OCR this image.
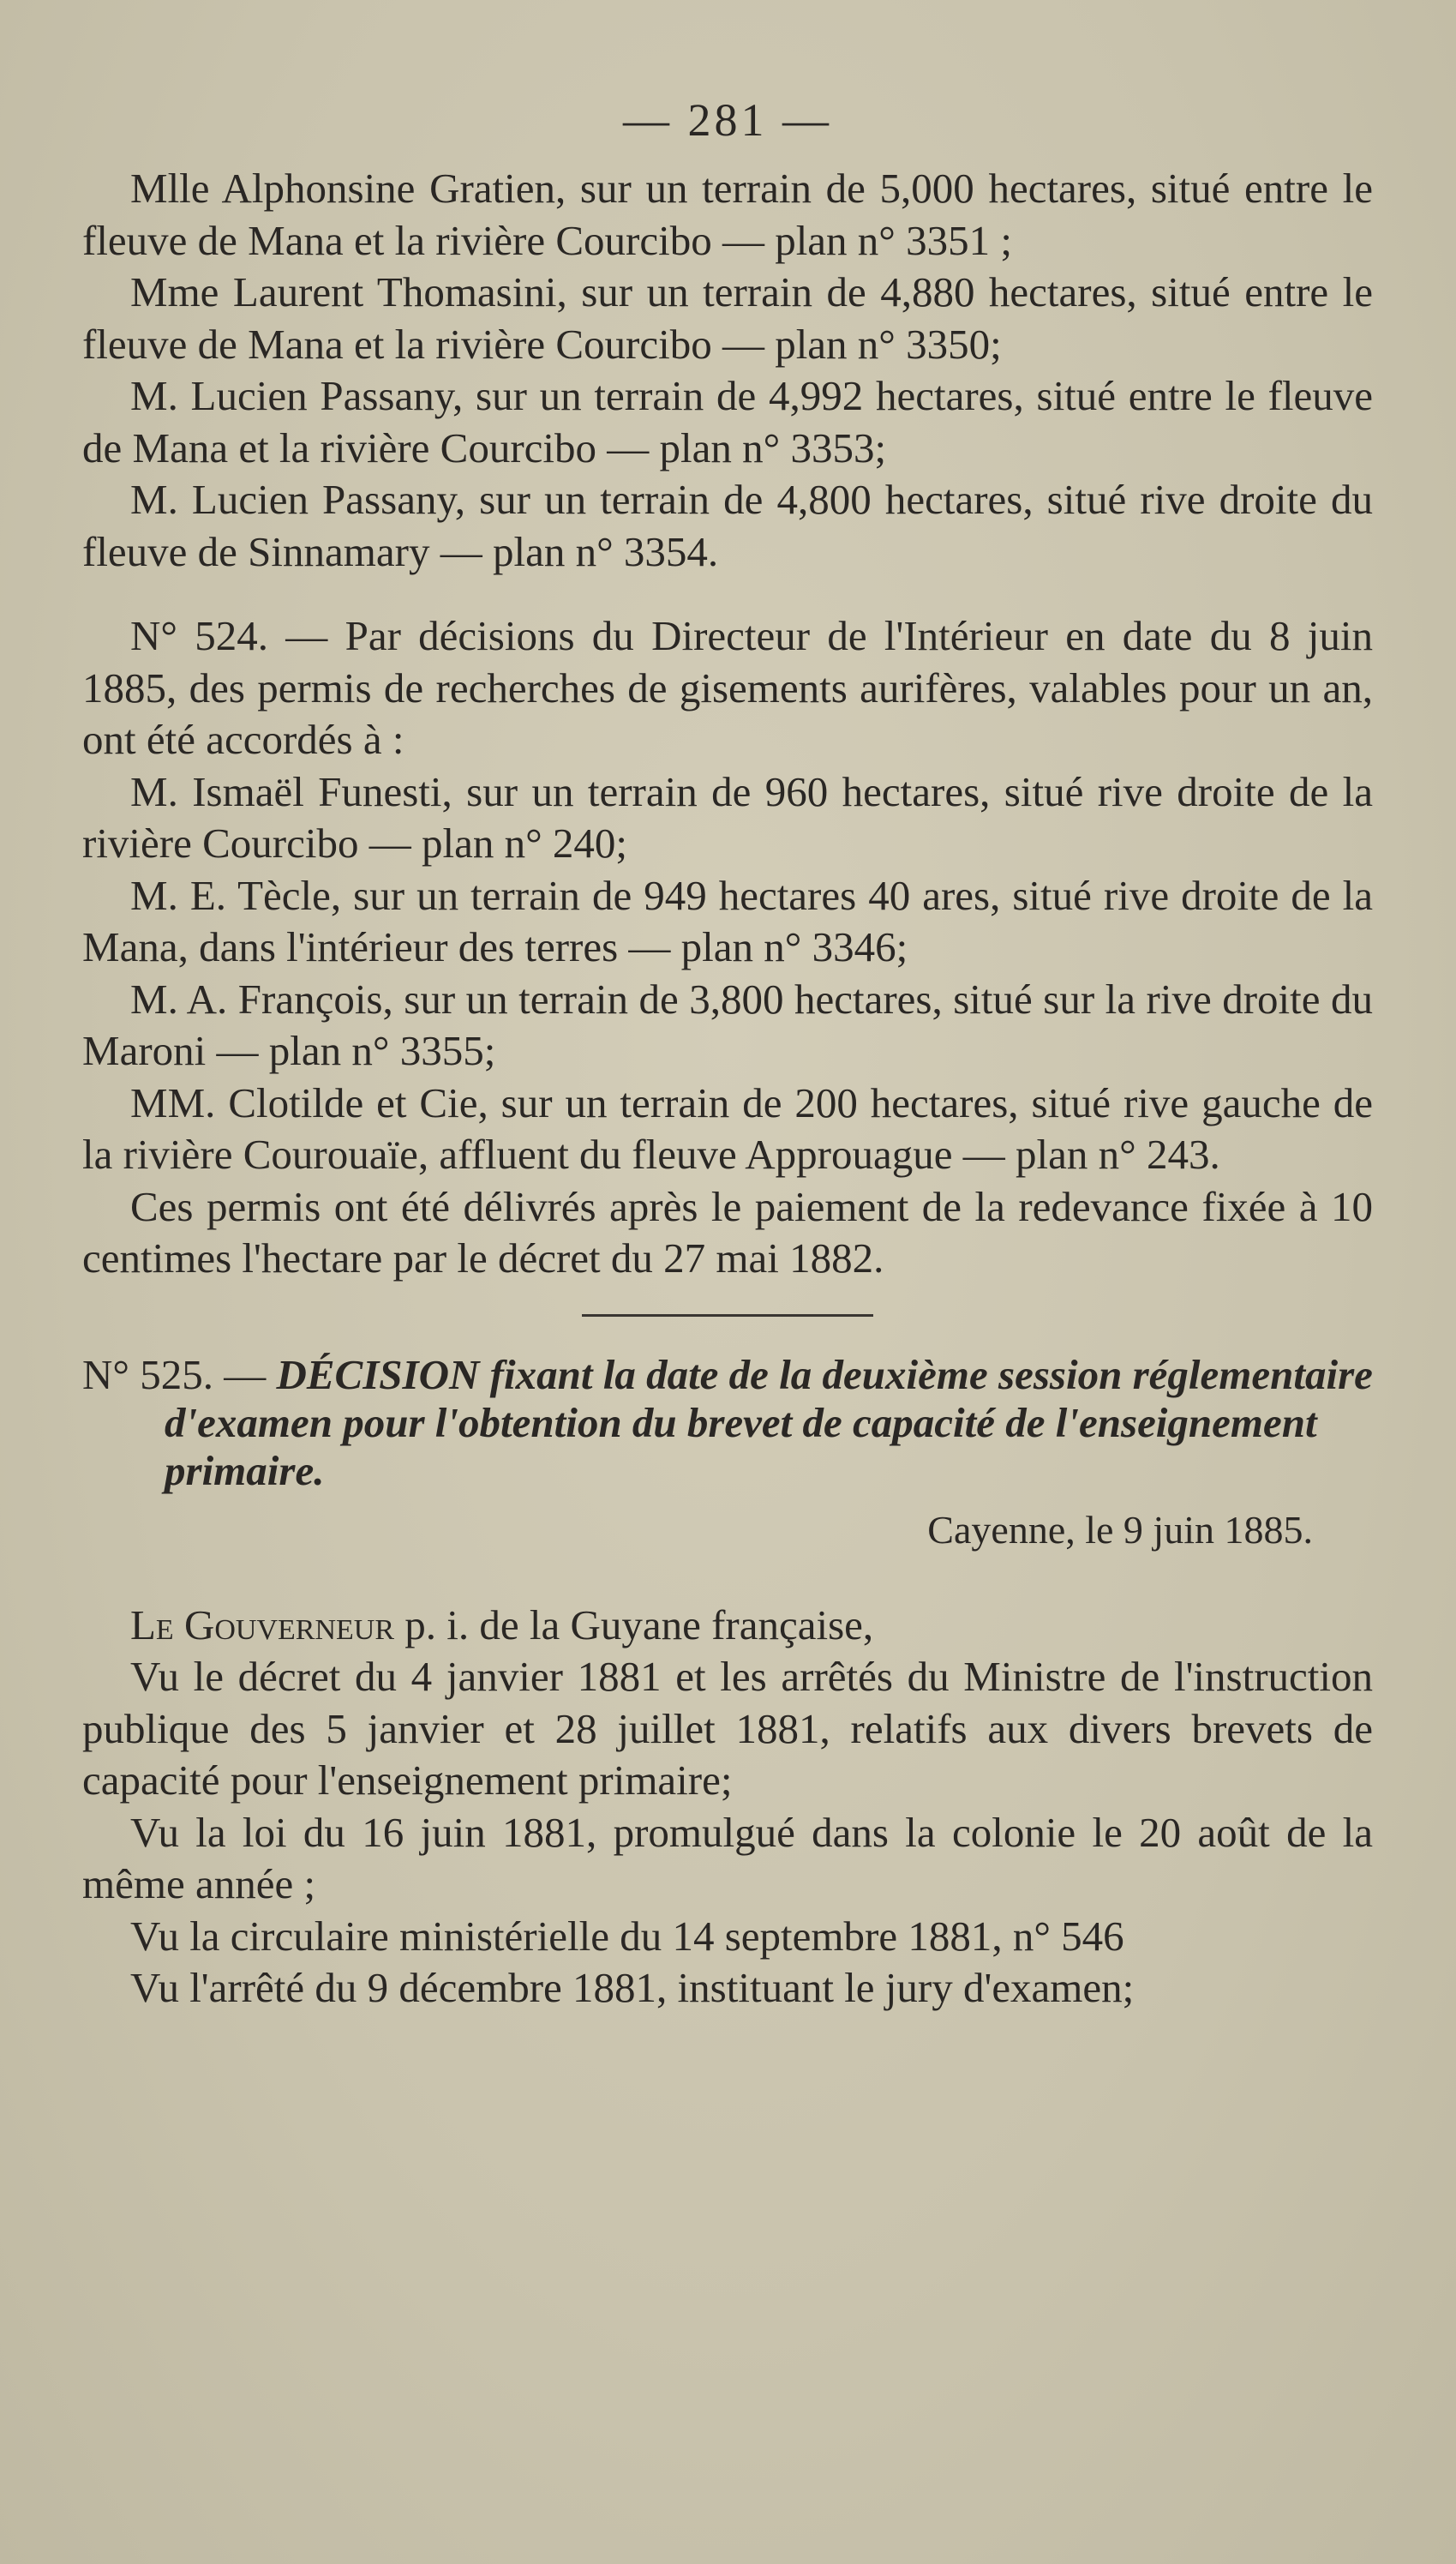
— 281 —

Mlle Alphonsine Gratien, sur un terrain de 5,000 hectares, situé entre le fleuve de Mana et la rivière Courcibo — plan n° 3351 ;

Mme Laurent Thomasini, sur un terrain de 4,880 hectares, situé entre le fleuve de Mana et la rivière Courcibo — plan n° 3350;

M. Lucien Passany, sur un terrain de 4,992 hectares, situé entre le fleuve de Mana et la rivière Courcibo — plan n° 3353;

M. Lucien Passany, sur un terrain de 4,800 hectares, situé rive droite du fleuve de Sinnamary — plan n° 3354.

N° 524. — Par décisions du Directeur de l'Intérieur en date du 8 juin 1885, des permis de recherches de gisements aurifères, valables pour un an, ont été accordés à :

M. Ismaël Funesti, sur un terrain de 960 hectares, situé rive droite de la rivière Courcibo — plan n° 240;

M. E. Tècle, sur un terrain de 949 hectares 40 ares, situé rive droite de la Mana, dans l'intérieur des terres — plan n° 3346;

M. A. François, sur un terrain de 3,800 hectares, situé sur la rive droite du Maroni — plan n° 3355;

MM. Clotilde et Cie, sur un terrain de 200 hectares, situé rive gauche de la rivière Courouaïe, affluent du fleuve Approuague — plan n° 243.

Ces permis ont été délivrés après le paiement de la redevance fixée à 10 centimes l'hectare par le décret du 27 mai 1882.

N° 525. — DÉCISION fixant la date de la deuxième session réglementaire d'examen pour l'obtention du brevet de capacité de l'enseignement primaire.
Cayenne, le 9 juin 1885.

Le Gouverneur p. i. de la Guyane française,

Vu le décret du 4 janvier 1881 et les arrêtés du Ministre de l'instruction publique des 5 janvier et 28 juillet 1881, relatifs aux divers brevets de capacité pour l'enseignement primaire;

Vu la loi du 16 juin 1881, promulgué dans la colonie le 20 août de la même année ;

Vu la circulaire ministérielle du 14 septembre 1881, n° 546

Vu l'arrêté du 9 décembre 1881, instituant le jury d'examen;
